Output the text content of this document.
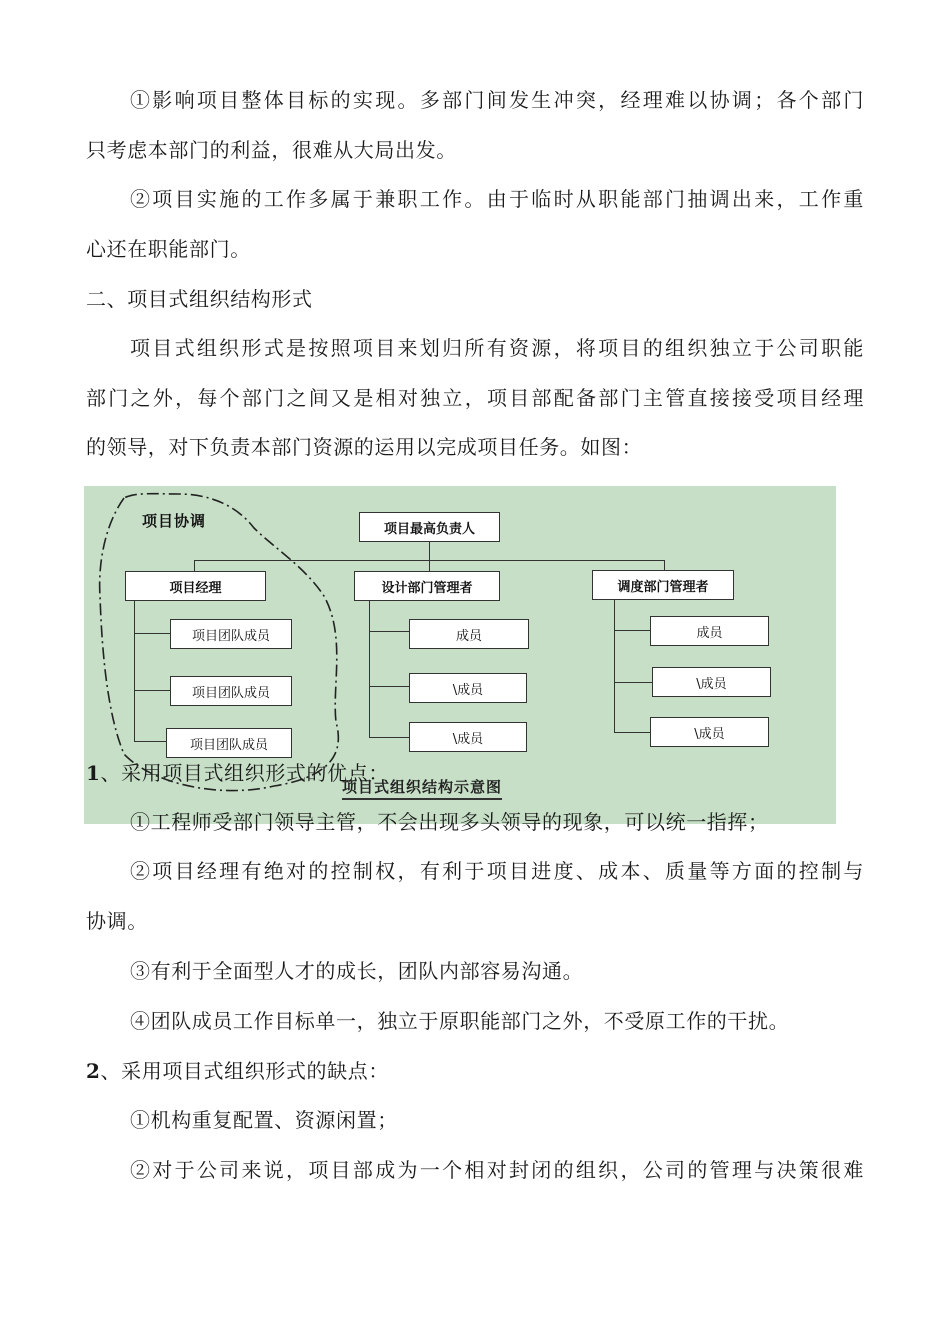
①影响项目整体目标的实现。多部门间发生冲突，经理难以协调；各个部门
只考虑本部门的利益，很难从大局出发。
②项目实施的工作多属于兼职工作。由于临时从职能部门抽调出来，工作重
心还在职能部门。
二、项目式组织结构形式
项目式组织形式是按照项目来划归所有资源，将项目的组织独立于公司职能
部门之外，每个部门之间又是相对独立，项目部配备部门主管直接接受项目经理
的领导，对下负责本部门资源的运用以完成项目任务。如图：
项目最高负责人
项目经理	设计部门管理者	调度部门管理者
项目团队成员
项目团队成员
项目团队成员
成员
\成员
\成员
成员
\成员
\成员
项目协调
项目式组织结构示意图
1、采用项目式组织形式的优点：
①工程师受部门领导主管，不会出现多头领导的现象，可以统一指挥；
②项目经理有绝对的控制权，有利于项目进度、成本、质量等方面的控制与
协调。
③有利于全面型人才的成长，团队内部容易沟通。
④团队成员工作目标单一，独立于原职能部门之外，不受原工作的干扰。
2、采用项目式组织形式的缺点：
①机构重复配置、资源闲置；
②对于公司来说，项目部成为一个相对封闭的组织，公司的管理与决策很难
